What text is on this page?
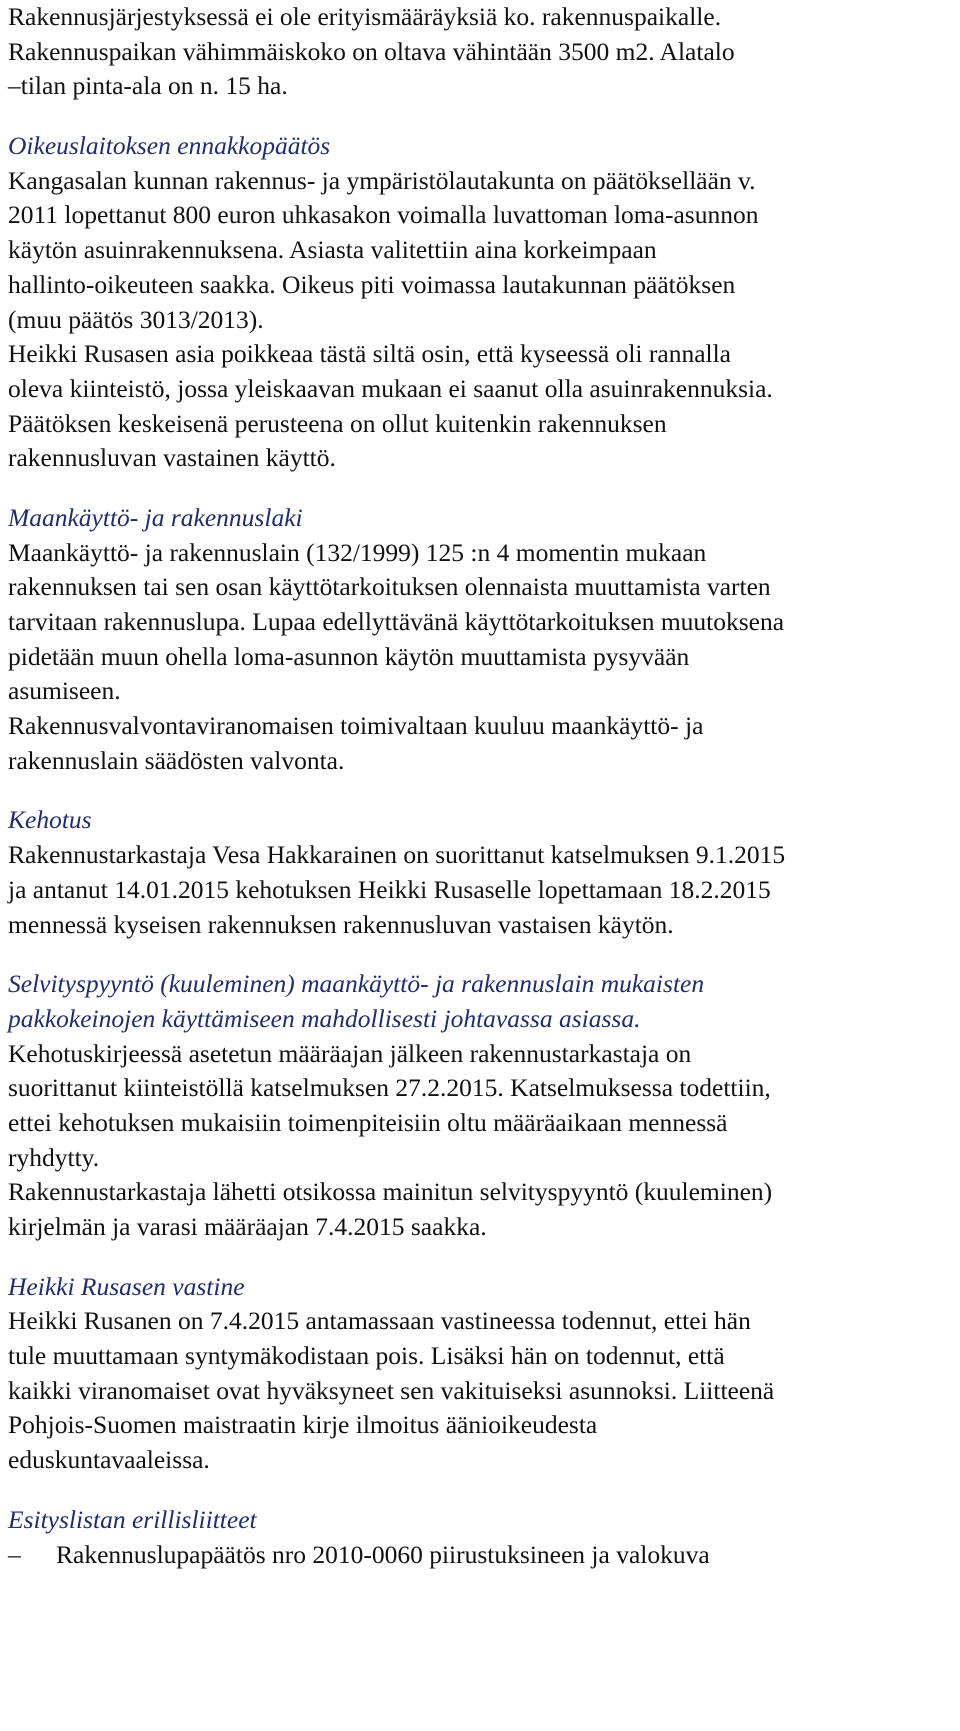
Rakennusjärjestyksessä ei ole erityismääräyksiä ko. rakennuspaikalle.
Rakennuspaikan vähimmäiskoko on oltava vähintään 3500 m2. Alatalo
–tilan pinta-ala on n. 15 ha.
Oikeuslaitoksen ennakkopäätös
Kangasalan kunnan rakennus- ja ympäristölautakunta on päätöksellään v.
2011 lopettanut 800 euron uhkasakon voimalla luvattoman loma-asunnon
käytön asuinrakennuksena. Asiasta valitettiin aina korkeimpaan
hallinto-oikeuteen saakka. Oikeus piti voimassa lautakunnan päätöksen
(muu päätös 3013/2013).
Heikki Rusasen asia poikkeaa tästä siltä osin, että kyseessä oli rannalla
oleva kiinteistö, jossa yleiskaavan mukaan ei saanut olla asuinrakennuksia.
Päätöksen keskeisenä perusteena on ollut kuitenkin rakennuksen
rakennusluvan vastainen käyttö.
Maankäyttö- ja rakennuslaki
Maankäyttö- ja rakennuslain (132/1999) 125 :n 4 momentin mukaan
rakennuksen tai sen osan käyttötarkoituksen olennaista muuttamista varten
tarvitaan rakennuslupa. Lupaa edellyttävänä käyttötarkoituksen muutoksena
pidetään muun ohella loma-asunnon käytön muuttamista pysyvään
asumiseen.
Rakennusvalvontaviranomaisen toimivaltaan kuuluu maankäyttö- ja
rakennuslain säädösten valvonta.
Kehotus
Rakennustarkastaja Vesa Hakkarainen on suorittanut katselmuksen 9.1.2015
ja antanut 14.01.2015 kehotuksen Heikki Rusaselle lopettamaan 18.2.2015
mennessä kyseisen rakennuksen rakennusluvan vastaisen käytön.
Selvityspyyntö (kuuleminen) maankäyttö- ja rakennuslain mukaisten
pakkokeinojen käyttämiseen mahdollisesti johtavassa asiassa.
Kehotuskirjeessä asetetun määräajan jälkeen rakennustarkastaja on
suorittanut kiinteistöllä katselmuksen 27.2.2015. Katselmuksessa todettiin,
ettei kehotuksen mukaisiin toimenpiteisiin oltu määräaikaan mennessä
ryhdytty.
Rakennustarkastaja lähetti otsikossa mainitun selvityspyyntö (kuuleminen)
kirjelmän ja varasi määräajan 7.4.2015 saakka.
Heikki Rusasen vastine
Heikki Rusanen on 7.4.2015 antamassaan vastineessa todennut, ettei hän
tule muuttamaan syntymäkodistaan pois. Lisäksi hän on todennut, että
kaikki viranomaiset ovat hyväksyneet sen vakituiseksi asunnoksi. Liitteenä
Pohjois-Suomen maistraatin kirje ilmoitus äänioikeudesta
eduskuntavaaleissa.
Esityslistan erillisliitteet
– Rakennuslupapäätös nro 2010-0060 piirustuksineen ja valokuva
